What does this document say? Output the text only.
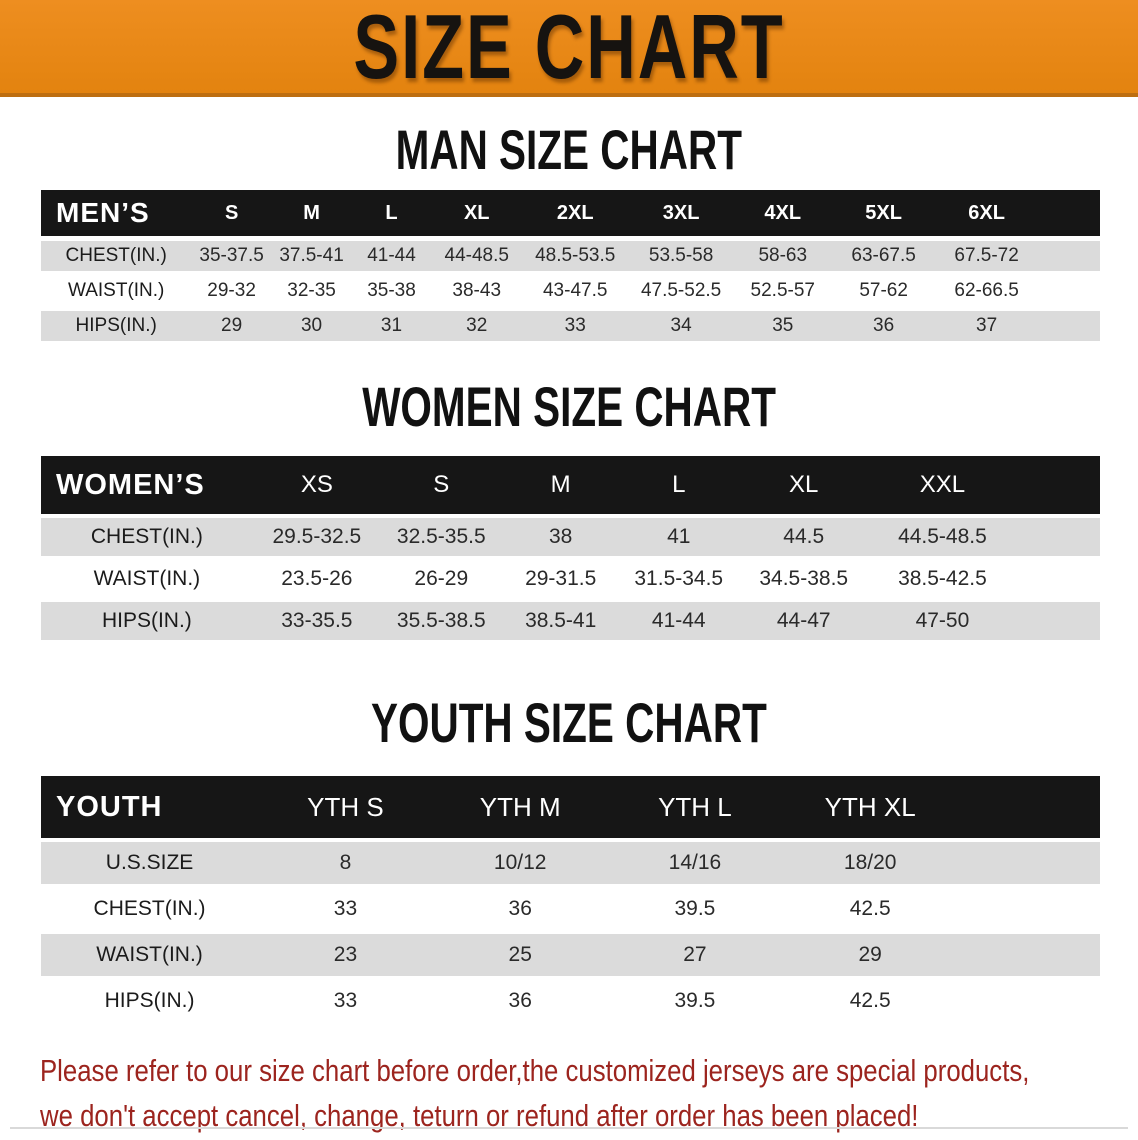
SIZE CHART
MAN SIZE CHART
MEN’S	S	M	L	XL	2XL	3XL	4XL	5XL	6XL	
CHEST(IN.)	35-37.5	37.5-41	41-44	44-48.5	48.5-53.5	53.5-58	58-63	63-67.5	67.5-72	
WAIST(IN.)	29-32	32-35	35-38	38-43	43-47.5	47.5-52.5	52.5-57	57-62	62-66.5	
HIPS(IN.)	29	30	31	32	33	34	35	36	37	
WOMEN SIZE CHART
WOMEN’S	XS	S	M	L	XL	XXL	
CHEST(IN.)	29.5-32.5	32.5-35.5	38	41	44.5	44.5-48.5	
WAIST(IN.)	23.5-26	26-29	29-31.5	31.5-34.5	34.5-38.5	38.5-42.5	
HIPS(IN.)	33-35.5	35.5-38.5	38.5-41	41-44	44-47	47-50	
YOUTH SIZE CHART
YOUTH	YTH S	YTH M	YTH L	YTH XL	
U.S.SIZE	8	10/12	14/16	18/20	
CHEST(IN.)	33	36	39.5	42.5	
WAIST(IN.)	23	25	27	29	
HIPS(IN.)	33	36	39.5	42.5	
Please refer to our size chart before order,the customized jerseys are special products,
we don't accept cancel, change, teturn or refund after order has been placed!
